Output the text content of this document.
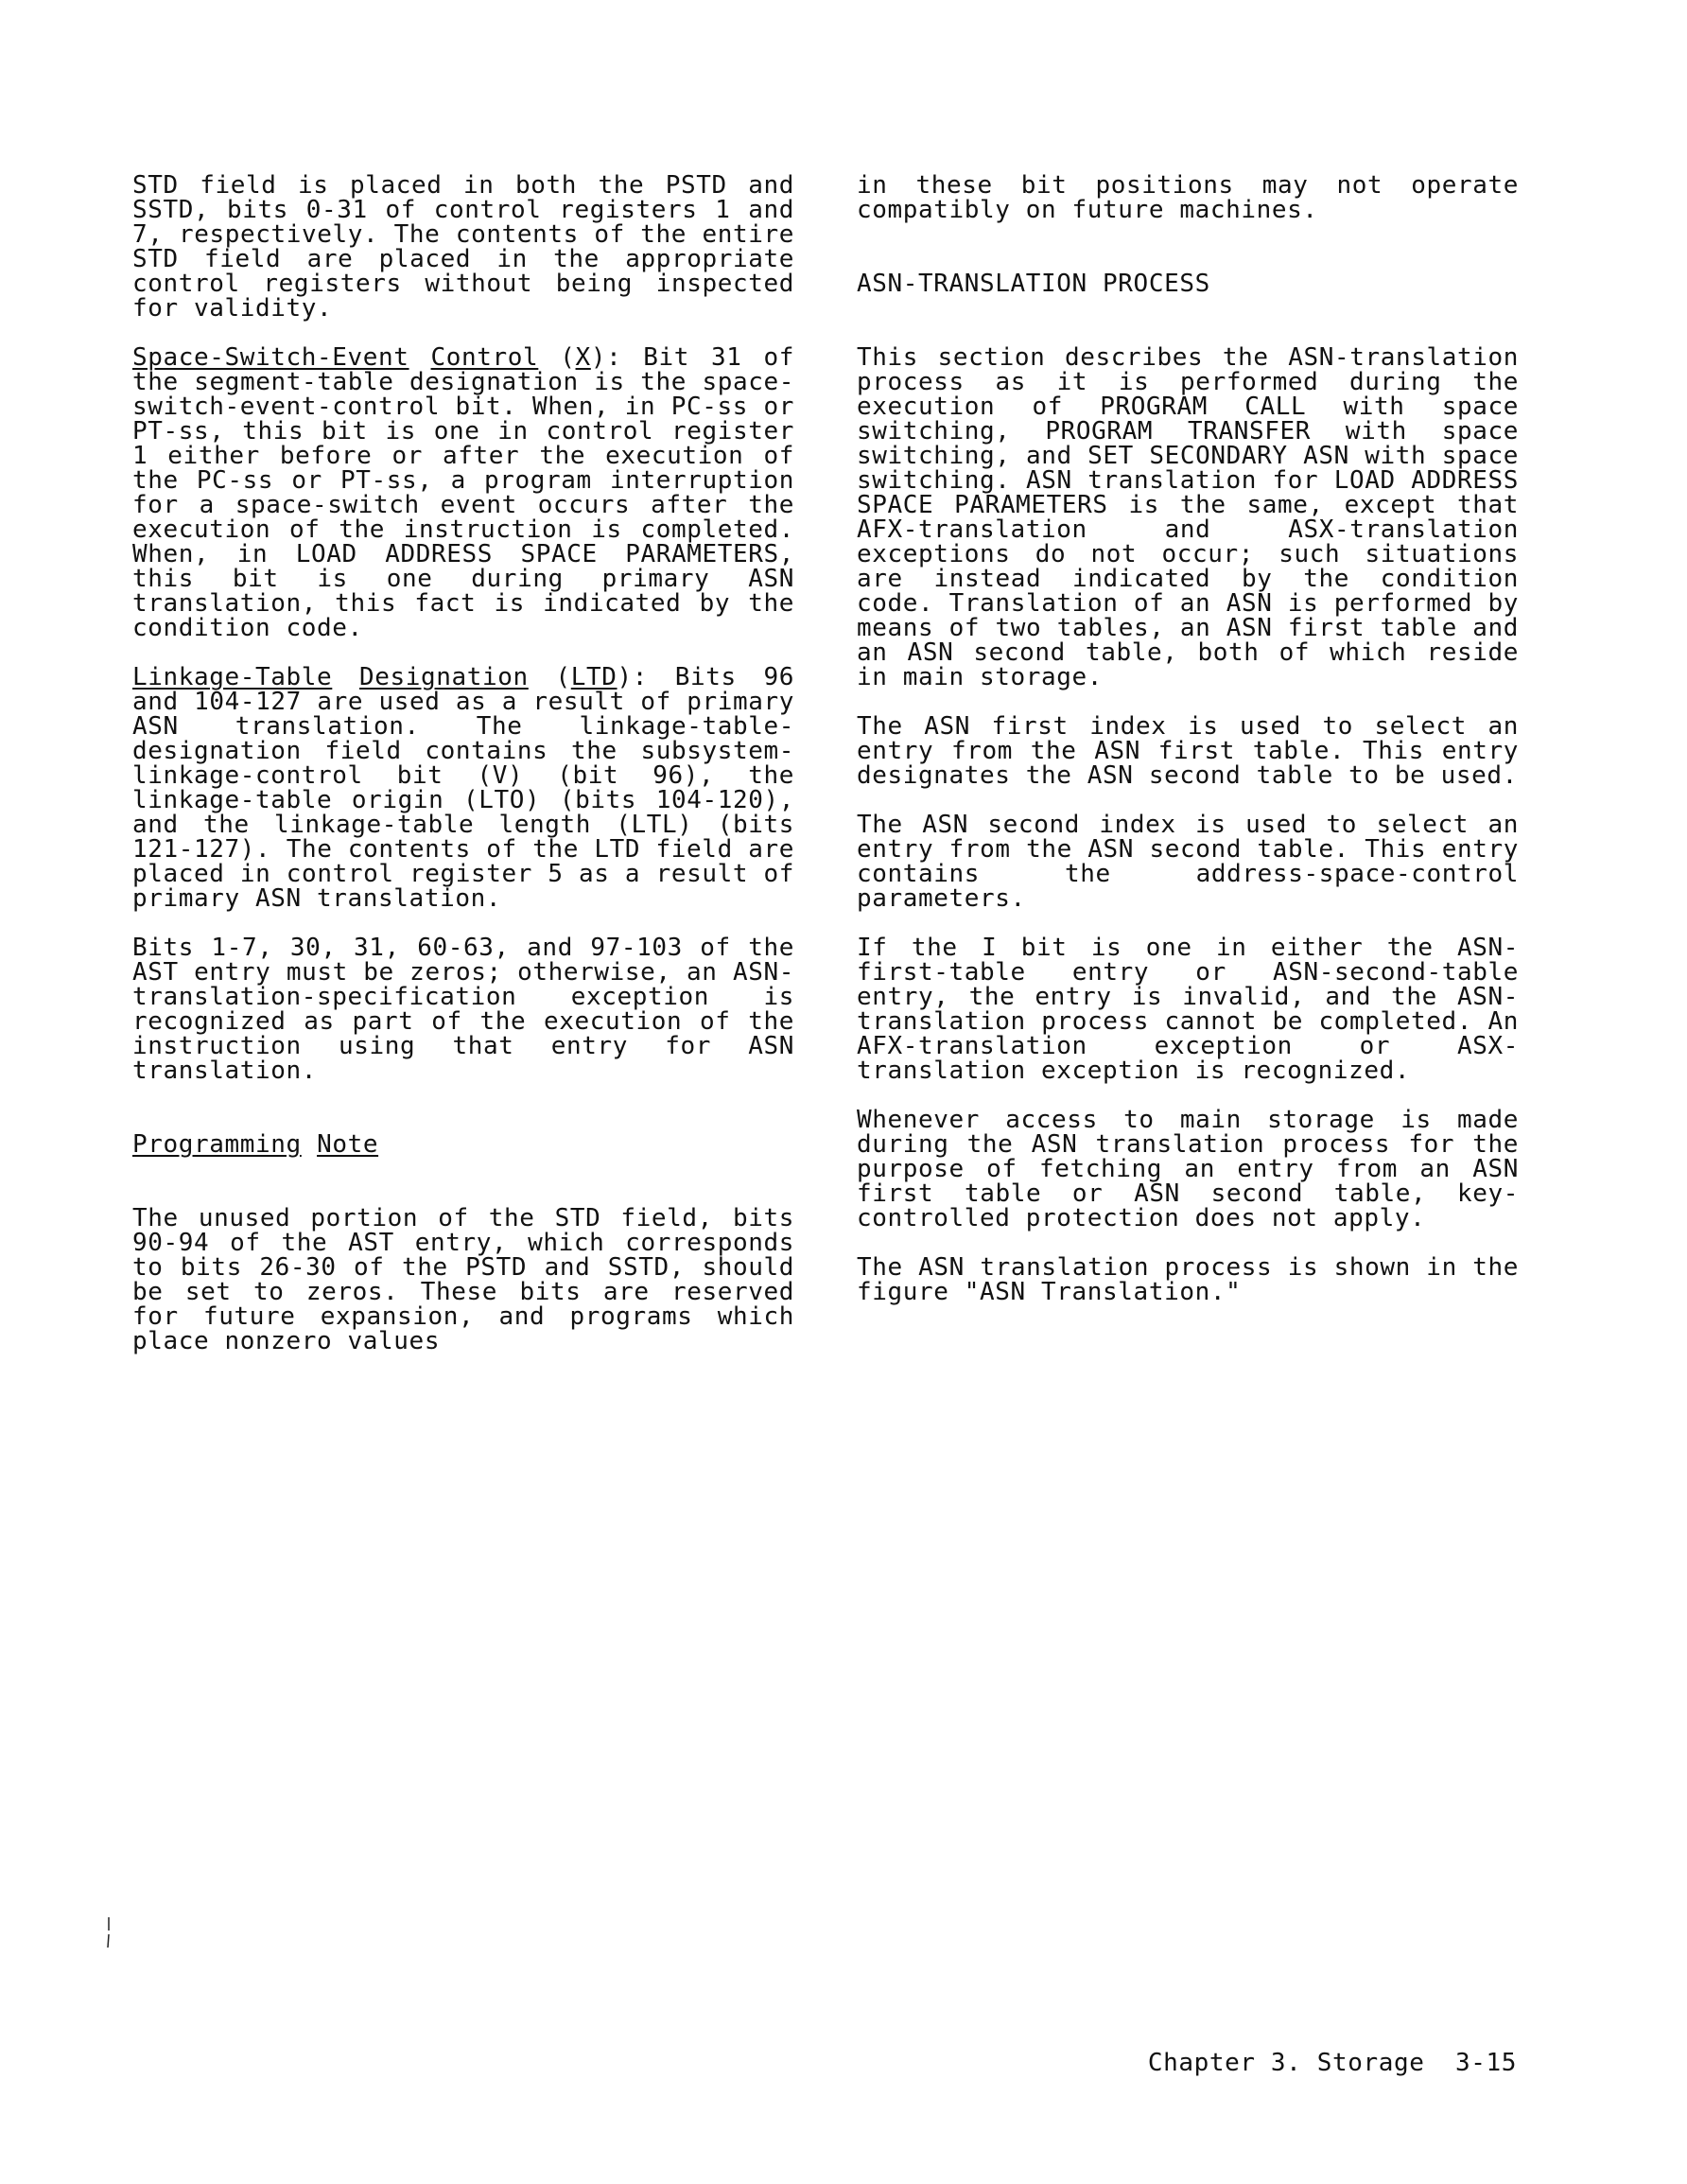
STD field is placed in both the PSTD and SSTD, bits 0-31 of control registers 1 and 7, respectively. The contents of the entire STD field are placed in the appropriate control registers without being inspected for validity.

Space-Switch-Event Control (X): Bit 31 of the segment-table designation is the space-switch-event-control bit. When, in PC-ss or PT-ss, this bit is one in control register 1 either before or after the execution of the PC-ss or PT-ss, a program interruption for a space-switch event occurs after the execution of the instruction is completed. When, in LOAD ADDRESS SPACE PARAMETERS, this bit is one during primary ASN translation, this fact is indicated by the condition code.

Linkage-Table Designation (LTD): Bits 96 and 104-127 are used as a result of primary ASN translation. The linkage-table-designation field contains the subsystem-linkage-control bit (V) (bit 96), the linkage-table origin (LTO) (bits 104-120), and the linkage-table length (LTL) (bits 121-127). The contents of the LTD field are placed in control register 5 as a result of primary ASN translation.

Bits 1-7, 30, 31, 60-63, and 97-103 of the AST entry must be zeros; otherwise, an ASN-translation-specification exception is recognized as part of the execution of the instruction using that entry for ASN translation.

Programming Note

The unused portion of the STD field, bits 90-94 of the AST entry, which corresponds to bits 26-30 of the PSTD and SSTD, should be set to zeros. These bits are reserved for future expansion, and programs which place nonzero values

in these bit positions may not operate compatibly on future machines.

ASN-TRANSLATION PROCESS

This section describes the ASN-translation process as it is performed during the execution of PROGRAM CALL with space switching, PROGRAM TRANSFER with space switching, and SET SECONDARY ASN with space switching. ASN translation for LOAD ADDRESS SPACE PARAMETERS is the same, except that AFX-translation and ASX-translation exceptions do not occur; such situations are instead indicated by the condition code. Translation of an ASN is performed by means of two tables, an ASN first table and an ASN second table, both of which reside in main storage.

The ASN first index is used to select an entry from the ASN first table. This entry designates the ASN second table to be used.

The ASN second index is used to select an entry from the ASN second table. This entry contains the address-space-control parameters.

If the I bit is one in either the ASN-first-table entry or ASN-second-table entry, the entry is invalid, and the ASN-translation process cannot be completed. An AFX-translation exception or ASX-translation exception is recognized.

Whenever access to main storage is made during the ASN translation process for the purpose of fetching an entry from an ASN first table or ASN second table, key-controlled protection does not apply.

The ASN translation process is shown in the figure "ASN Translation."

Chapter 3. Storage 3-15
